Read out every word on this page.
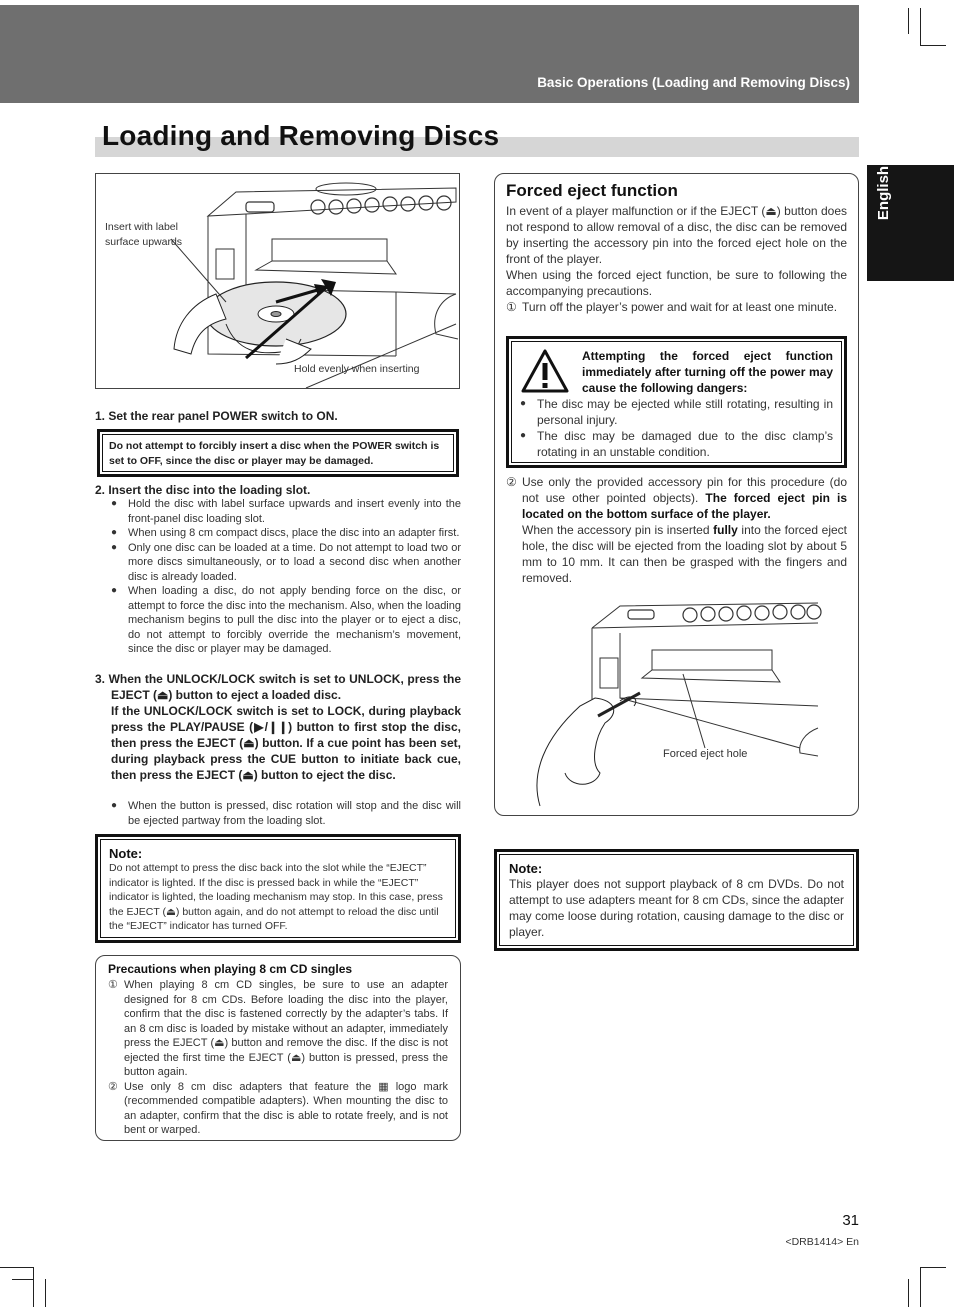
Basic Operations (Loading and Removing Discs)
Loading and Removing Discs
English
Insert with label surface upwards
Hold evenly when inserting
1. Set the rear panel POWER switch to ON.
Do not attempt to forcibly insert a disc when the POWER switch is set to OFF, since the disc or player may be damaged.
2. Insert the disc into the loading slot.
● Hold the disc with label surface upwards and insert evenly into the front-panel disc loading slot.
● When using 8 cm compact discs, place the disc into an adapter first.
● Only one disc can be loaded at a time. Do not attempt to load two or more discs simultaneously, or to load a second disc when another disc is already loaded.
● When loading a disc, do not apply bending force on the disc, or attempt to force the disc into the mechanism. Also, when the loading mechanism begins to pull the disc into the player or to eject a disc, do not attempt to forcibly override the mechanism’s movement, since the disc or player may be damaged.
3. When the UNLOCK/LOCK switch is set to UNLOCK, press the EJECT (⏏) button to eject a loaded disc.
If the UNLOCK/LOCK switch is set to LOCK, during playback press the PLAY/PAUSE (▶/❙❙) button to first stop the disc, then press the EJECT (⏏) button. If a cue point has been set, during playback press the CUE button to initiate back cue, then press the EJECT (⏏) button to eject the disc.
● When the button is pressed, disc rotation will stop and the disc will be ejected partway from the loading slot.
Note:
Do not attempt to press the disc back into the slot while the “EJECT” indicator is lighted. If the disc is pressed back in while the “EJECT” indicator is lighted, the loading mechanism may stop. In this case, press the EJECT (⏏) button again, and do not attempt to reload the disc until the “EJECT” indicator has turned OFF.
Precautions when playing 8 cm CD singles
① When playing 8 cm CD singles, be sure to use an adapter designed for 8 cm CDs. Before loading the disc into the player, confirm that the disc is fastened correctly by the adapter’s tabs. If an 8 cm disc is loaded by mistake without an adapter, immediately press the EJECT (⏏) button and remove the disc. If the disc is not ejected the first time the EJECT (⏏) button is pressed, press the button again.
② Use only 8 cm disc adapters that feature the ▦ logo mark (recommended compatible adapters). When mounting the disc to an adapter, confirm that the disc is able to rotate freely, and is not bent or warped.
Forced eject function
In event of a player malfunction or if the EJECT (⏏) button does not respond to allow removal of a disc, the disc can be removed by inserting the accessory pin into the forced eject hole on the front of the player.
When using the forced eject function, be sure to following the accompanying precautions.
① Turn off the player’s power and wait for at least one minute.
Attempting the forced eject function immediately after turning off the power may cause the following dangers:
● The disc may be ejected while still rotating, resulting in personal injury.
● The disc may be damaged due to the disc clamp’s rotating in an unstable condition.
② Use only the provided accessory pin for this procedure (do not use other pointed objects). The forced eject pin is located on the bottom surface of the player.
When the accessory pin is inserted fully into the forced eject hole, the disc will be ejected from the loading slot by about 5 mm to 10 mm. It can then be grasped with the fingers and removed.
Forced eject hole
Note:
This player does not support playback of 8 cm DVDs. Do not attempt to use adapters meant for 8 cm CDs, since the adapter may come loose during rotation, causing damage to the disc or player.
31
<DRB1414> En
